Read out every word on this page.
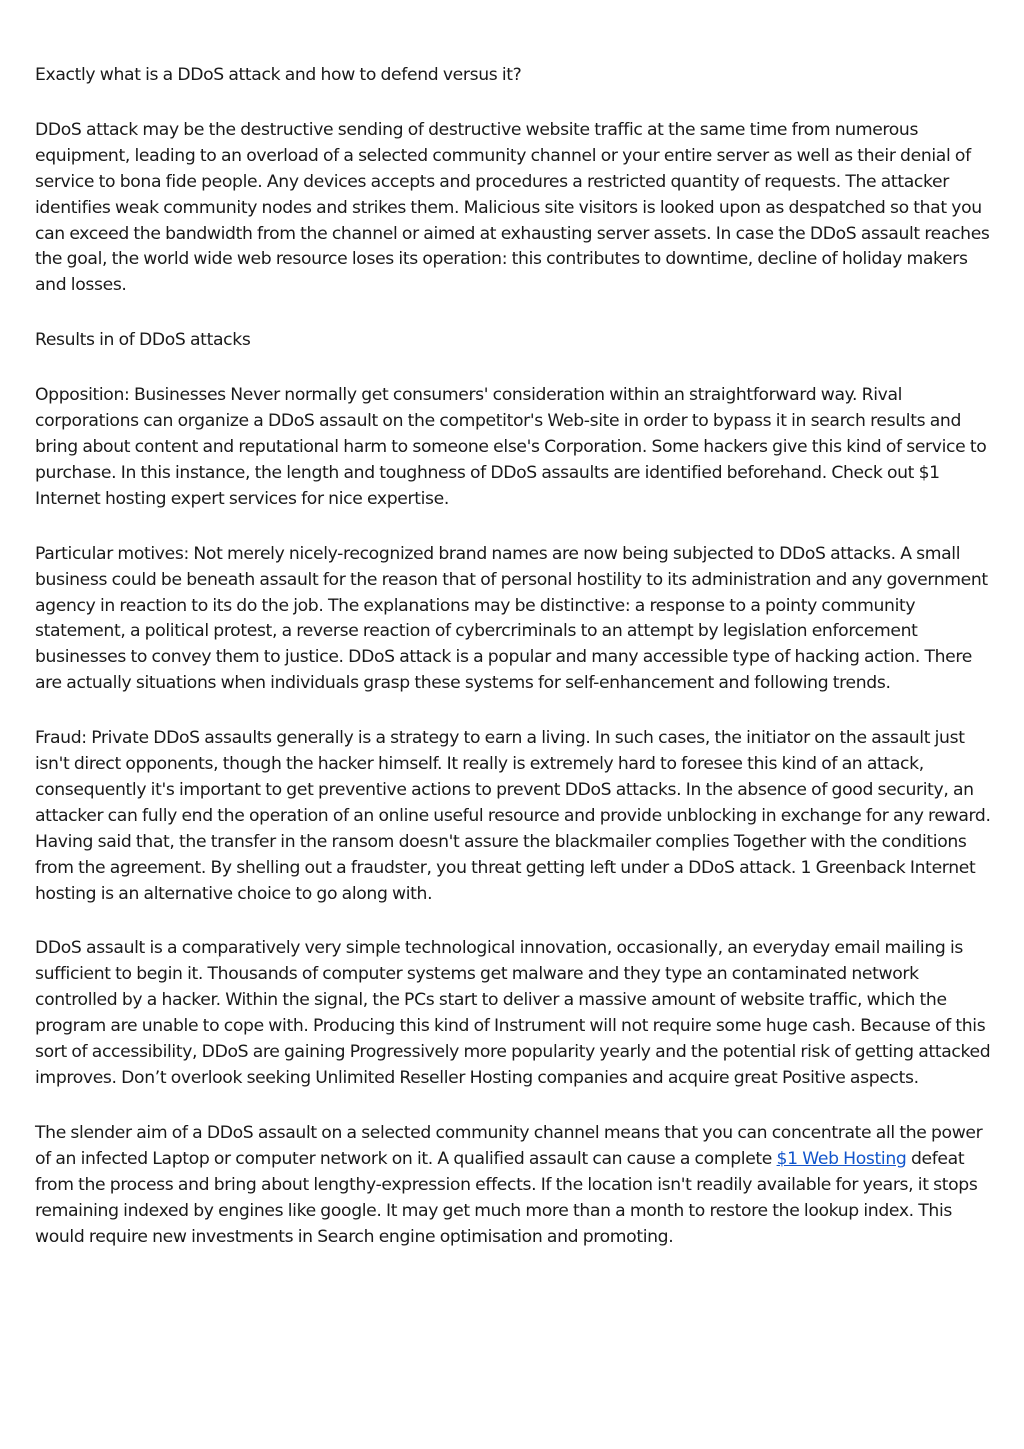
Exactly what is a DDoS attack and how to defend versus it?

DDoS attack may be the destructive sending of destructive website traffic at the same time from numerous equipment, leading to an overload of a selected community channel or your entire server as well as their denial of service to bona fide people. Any devices accepts and procedures a restricted quantity of requests. The attacker identifies weak community nodes and strikes them. Malicious site visitors is looked upon as despatched so that you can exceed the bandwidth from the channel or aimed at exhausting server assets. In case the DDoS assault reaches the goal, the world wide web resource loses its operation: this contributes to downtime, decline of holiday makers and losses.

Results in of DDoS attacks

Opposition: Businesses Never normally get consumers' consideration within an straightforward way. Rival corporations can organize a DDoS assault on the competitor's Web-site in order to bypass it in search results and bring about content and reputational harm to someone else's Corporation. Some hackers give this kind of service to purchase. In this instance, the length and toughness of DDoS assaults are identified beforehand. Check out $1 Internet hosting expert services for nice expertise.

Particular motives: Not merely nicely-recognized brand names are now being subjected to DDoS attacks. A small business could be beneath assault for the reason that of personal hostility to its administration and any government agency in reaction to its do the job. The explanations may be distinctive: a response to a pointy community statement, a political protest, a reverse reaction of cybercriminals to an attempt by legislation enforcement businesses to convey them to justice. DDoS attack is a popular and many accessible type of hacking action. There are actually situations when individuals grasp these systems for self-enhancement and following trends.

Fraud: Private DDoS assaults generally is a strategy to earn a living. In such cases, the initiator on the assault just isn't direct opponents, though the hacker himself. It really is extremely hard to foresee this kind of an attack, consequently it's important to get preventive actions to prevent DDoS attacks. In the absence of good security, an attacker can fully end the operation of an online useful resource and provide unblocking in exchange for any reward. Having said that, the transfer in the ransom doesn't assure the blackmailer complies Together with the conditions from the agreement. By shelling out a fraudster, you threat getting left under a DDoS attack. 1 Greenback Internet hosting is an alternative choice to go along with.

DDoS assault is a comparatively very simple technological innovation, occasionally, an everyday email mailing is sufficient to begin it. Thousands of computer systems get malware and they type an contaminated network controlled by a hacker. Within the signal, the PCs start to deliver a massive amount of website traffic, which the program are unable to cope with. Producing this kind of Instrument will not require some huge cash. Because of this sort of accessibility, DDoS are gaining Progressively more popularity yearly and the potential risk of getting attacked improves. Don’t overlook seeking Unlimited Reseller Hosting companies and acquire great Positive aspects.

The slender aim of a DDoS assault on a selected community channel means that you can concentrate all the power of an infected Laptop or computer network on it. A qualified assault can cause a complete $1 Web Hosting defeat from the process and bring about lengthy-expression effects. If the location isn't readily available for years, it stops remaining indexed by engines like google. It may get much more than a month to restore the lookup index. This would require new investments in Search engine optimisation and promoting.
